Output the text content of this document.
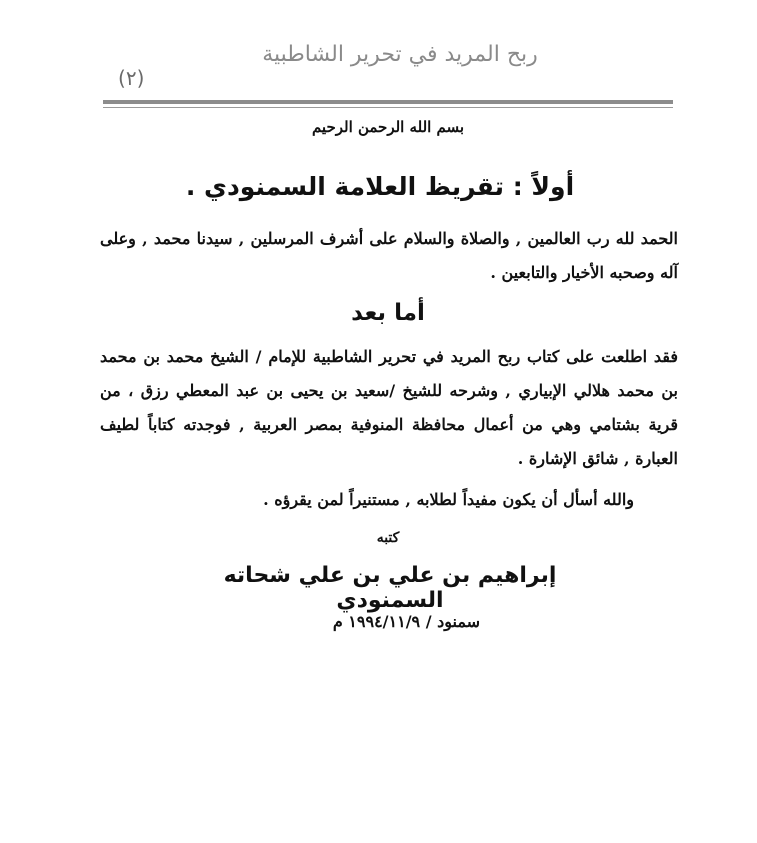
ربح المريد في تحرير الشاطبية
(٢)
بسم الله الرحمن الرحيم
أولاً : تقريظ العلامة السمنودي .
الحمد لله رب العالمين , والصلاة والسلام على أشرف المرسلين , سيدنا محمد , وعلى آله وصحبه الأخيار والتابعين .
أما بعد
فقد اطلعت على كتاب ربح المريد في تحرير الشاطبية للإمام / الشيخ محمد بن محمد بن محمد هلالي الإبياري , وشرحه للشيخ /سعيد بن يحيى بن عبد المعطي رزق ، من قرية بشتامي وهي من أعمال محافظة المنوفية بمصر العربية , فوجدته كتاباً لطيف العبارة , شائق الإشارة .
والله أسأل أن يكون مفيداً لطلابه , مستنيراً لمن يقرؤه .
كتبه
إبراهيم بن علي بن علي شحاته السمنودي
سمنود / ١٩٩٤/١١/٩ م
